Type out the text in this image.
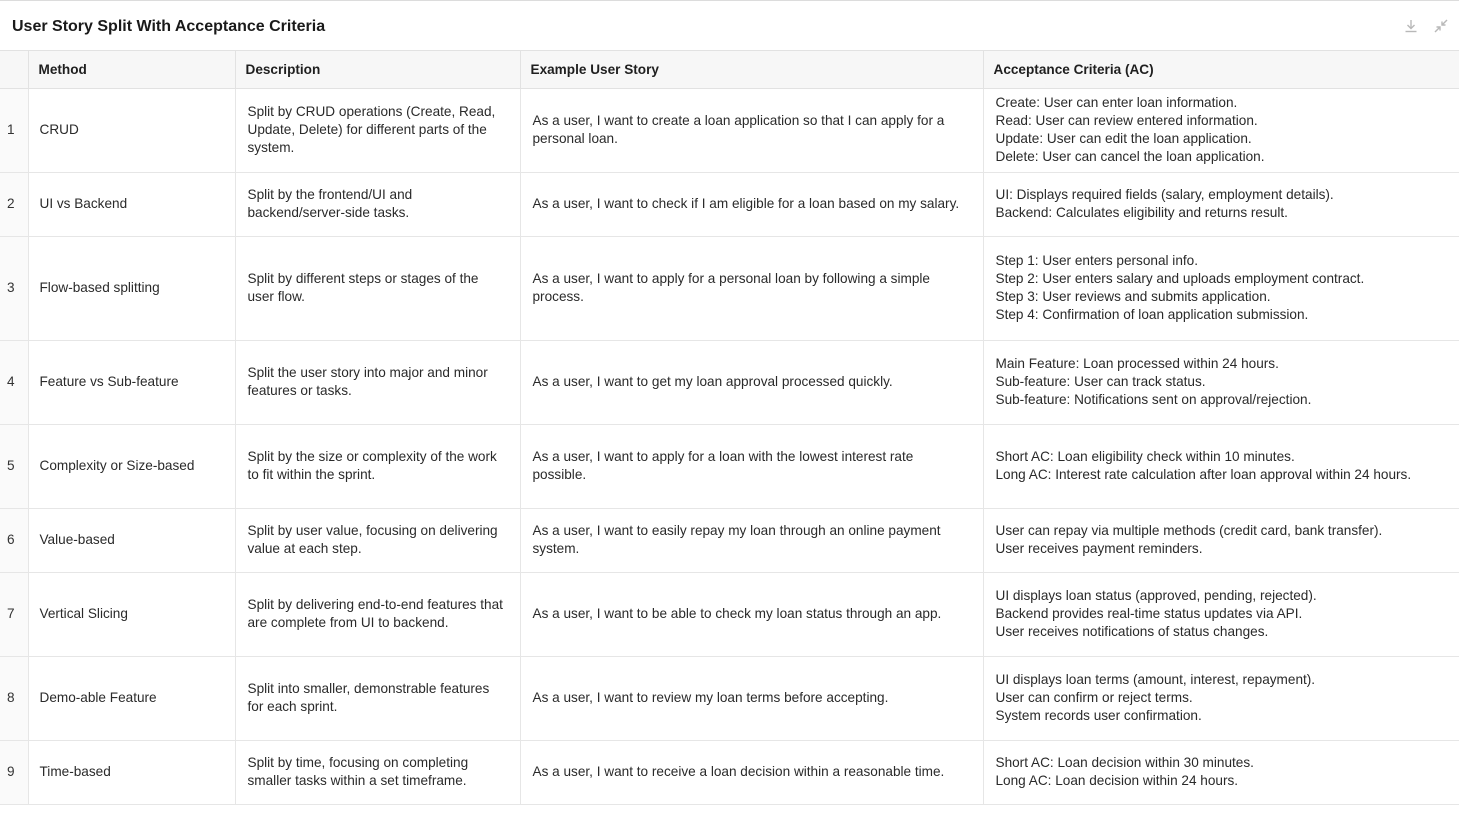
User Story Split With Acceptance Criteria
	Method	Description	Example User Story	Acceptance Criteria (AC)
1	CRUD	Split by CRUD operations (Create, Read, Update, Delete) for different parts of the system.	As a user, I want to create a loan application so that I can apply for a personal loan.	Create: User can enter loan information.
Read: User can review entered information.
Update: User can edit the loan application.
Delete: User can cancel the loan application.

2	UI vs Backend	Split by the frontend/UI and backend/server-side tasks.	As a user, I want to check if I am eligible for a loan based on my salary.	UI: Displays required fields (salary, employment details).
Backend: Calculates eligibility and returns result.

3	Flow-based splitting	Split by different steps or stages of the user flow.	As a user, I want to apply for a personal loan by following a simple process.	Step 1: User enters personal info.
Step 2: User enters salary and uploads employment contract.
Step 3: User reviews and submits application.
Step 4: Confirmation of loan application submission.

4	Feature vs Sub-feature	Split the user story into major and minor features or tasks.	As a user, I want to get my loan approval processed quickly.	Main Feature: Loan processed within 24 hours.
Sub-feature: User can track status.
Sub-feature: Notifications sent on approval/rejection.

5	Complexity or Size-based	Split by the size or complexity of the work to fit within the sprint.	As a user, I want to apply for a loan with the lowest interest rate possible.	Short AC: Loan eligibility check within 10 minutes.
Long AC: Interest rate calculation after loan approval within 24 hours.

6	Value-based	Split by user value, focusing on delivering value at each step.	As a user, I want to easily repay my loan through an online payment system.	User can repay via multiple methods (credit card, bank transfer).
User receives payment reminders.

7	Vertical Slicing	Split by delivering end-to-end features that are complete from UI to backend.	As a user, I want to be able to check my loan status through an app.	UI displays loan status (approved, pending, rejected).
Backend provides real-time status updates via API.
User receives notifications of status changes.

8	Demo-able Feature	Split into smaller, demonstrable features for each sprint.	As a user, I want to review my loan terms before accepting.	UI displays loan terms (amount, interest, repayment).
User can confirm or reject terms.
System records user confirmation.

9	Time-based	Split by time, focusing on completing smaller tasks within a set timeframe.	As a user, I want to receive a loan decision within a reasonable time.	Short AC: Loan decision within 30 minutes.
Long AC: Loan decision within 24 hours.
